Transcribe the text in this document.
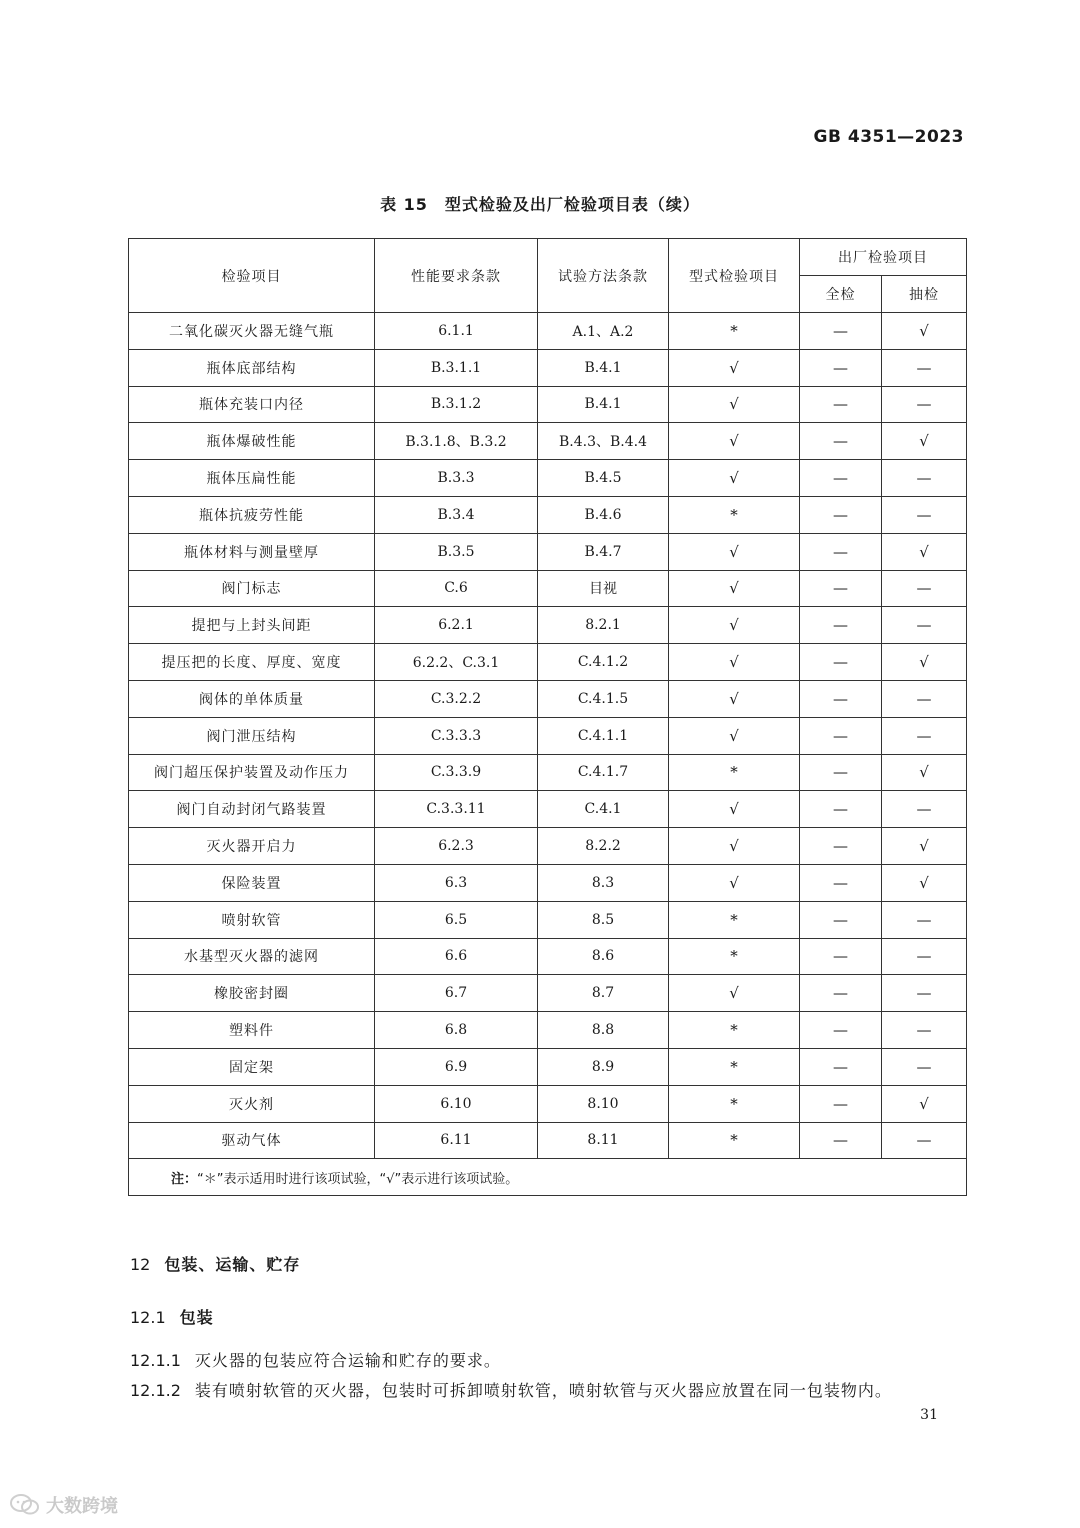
GB 4351—2023
表 15　型式检验及出厂检验项目表（续）
检验项目	性能要求条款	试验方法条款	型式检验项目	出厂检验项目	
				全检	抽检
二氧化碳灭火器无缝气瓶	6.1.1	A.1、A.2	*	—	√
瓶体底部结构	B.3.1.1	B.4.1	√	—	—
瓶体充装口内径	B.3.1.2	B.4.1	√	—	—
瓶体爆破性能	B.3.1.8、B.3.2	B.4.3、B.4.4	√	—	√
瓶体压扁性能	B.3.3	B.4.5	√	—	—
瓶体抗疲劳性能	B.3.4	B.4.6	*	—	—
瓶体材料与测量壁厚	B.3.5	B.4.7	√	—	√
阀门标志	C.6	目视	√	—	—
提把与上封头间距	6.2.1	8.2.1	√	—	—
提压把的长度、厚度、宽度	6.2.2、C.3.1	C.4.1.2	√	—	√
阀体的单体质量	C.3.2.2	C.4.1.5	√	—	—
阀门泄压结构	C.3.3.3	C.4.1.1	√	—	—
阀门超压保护装置及动作压力	C.3.3.9	C.4.1.7	*	—	√
阀门自动封闭气路装置	C.3.3.11	C.4.1	√	—	—
灭火器开启力	6.2.3	8.2.2	√	—	√
保险装置	6.3	8.3	√	—	√
喷射软管	6.5	8.5	*	—	—
水基型灭火器的滤网	6.6	8.6	*	—	—
橡胶密封圈	6.7	8.7	√	—	—
塑料件	6.8	8.8	*	—	—
固定架	6.9	8.9	*	—	—
灭火剂	6.10	8.10	*	—	√
驱动气体	6.11	8.11	*	—	—
注：“＊”表示适用时进行该项试验，“√”表示进行该项试验。					
12 包装、运输、贮存
12.1 包装
12.1.1 灭火器的包装应符合运输和贮存的要求。
12.1.2 装有喷射软管的灭火器，包装时可拆卸喷射软管，喷射软管与灭火器应放置在同一包装物内。
31
大数跨境
